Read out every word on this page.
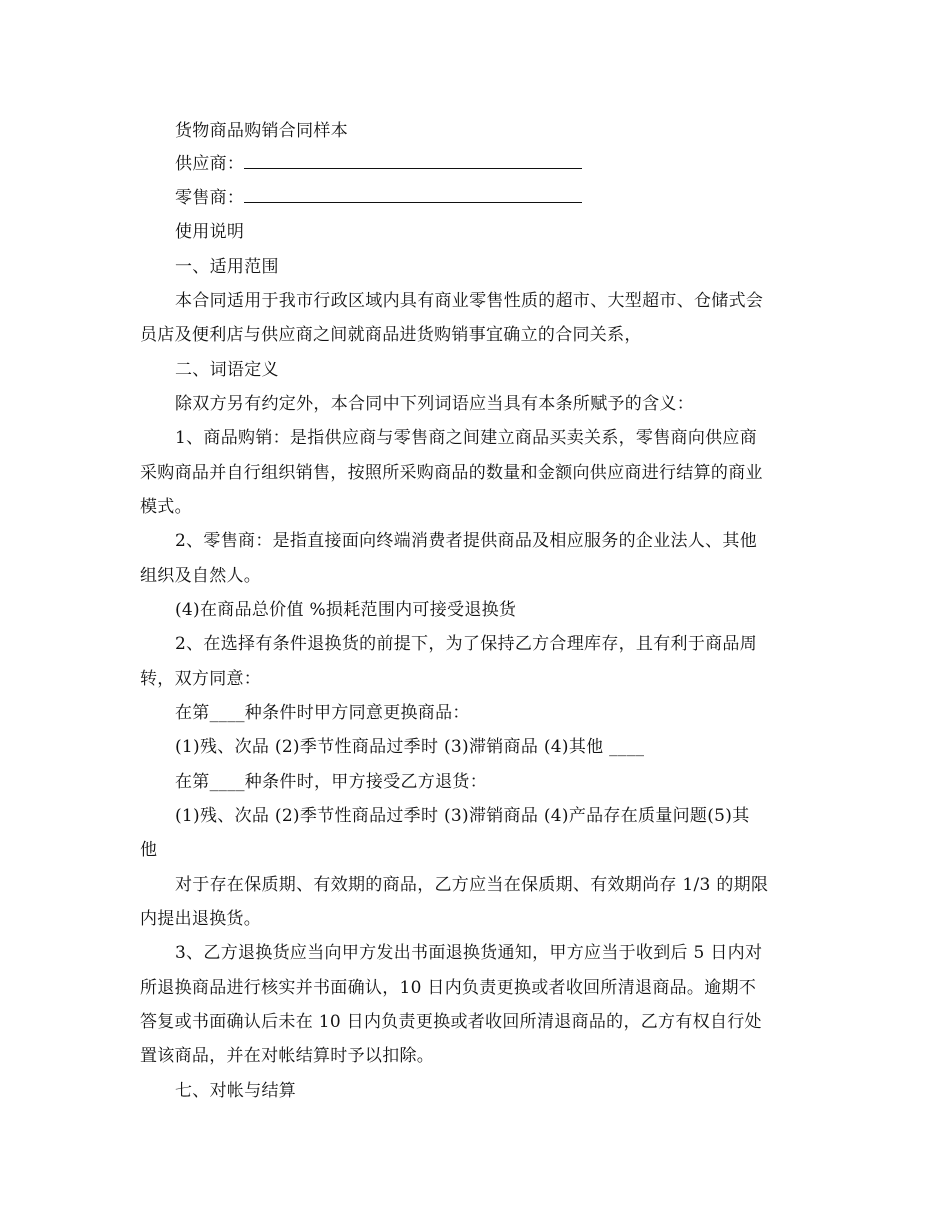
货物商品购销合同样本
供应商：
零售商：
使用说明
一、适用范围
本合同适用于我市行政区域内具有商业零售性质的超市、大型超市、仓储式会
员店及便利店与供应商之间就商品进货购销事宜确立的合同关系，
二、词语定义
除双方另有约定外，本合同中下列词语应当具有本条所赋予的含义：
1、商品购销：是指供应商与零售商之间建立商品买卖关系，零售商向供应商
采购商品并自行组织销售，按照所采购商品的数量和金额向供应商进行结算的商业
模式。
2、零售商：是指直接面向终端消费者提供商品及相应服务的企业法人、其他
组织及自然人。
(4)在商品总价值 %损耗范围内可接受退换货
2、在选择有条件退换货的前提下，为了保持乙方合理库存，且有利于商品周
转，双方同意：
在第____种条件时甲方同意更换商品：
(1)残、次品 (2)季节性商品过季时 (3)滞销商品 (4)其他 ____
在第____种条件时，甲方接受乙方退货：
(1)残、次品 (2)季节性商品过季时 (3)滞销商品 (4)产品存在质量问题(5)其
他
对于存在保质期、有效期的商品，乙方应当在保质期、有效期尚存 1/3 的期限
内提出退换货。
3、乙方退换货应当向甲方发出书面退换货通知，甲方应当于收到后 5 日内对
所退换商品进行核实并书面确认，10 日内负责更换或者收回所清退商品。逾期不
答复或书面确认后未在 10 日内负责更换或者收回所清退商品的，乙方有权自行处
置该商品，并在对帐结算时予以扣除。
七、对帐与结算
